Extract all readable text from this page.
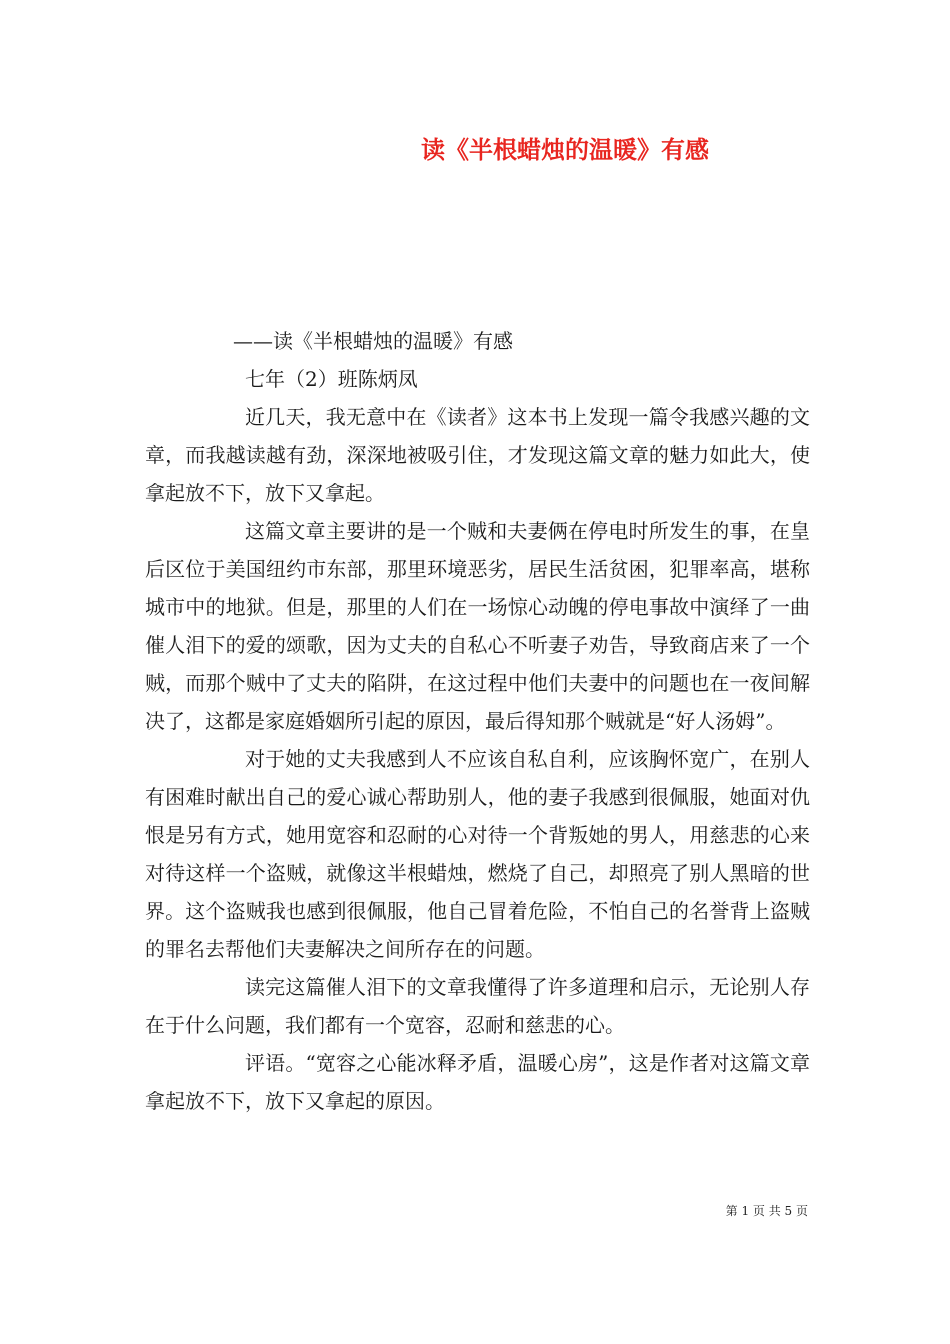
读《半根蜡烛的温暖》有感

——读《半根蜡烛的温暖》有感

七年（2）班陈炳凤

近几天，我无意中在《读者》这本书上发现一篇令我感兴趣的文章，而我越读越有劲，深深地被吸引住，才发现这篇文章的魅力如此大，使拿起放不下，放下又拿起。

这篇文章主要讲的是一个贼和夫妻俩在停电时所发生的事，在皇后区位于美国纽约市东部，那里环境恶劣，居民生活贫困，犯罪率高，堪称城市中的地狱。但是，那里的人们在一场惊心动魄的停电事故中演绎了一曲催人泪下的爱的颂歌，因为丈夫的自私心不听妻子劝告，导致商店来了一个贼，而那个贼中了丈夫的陷阱，在这过程中他们夫妻中的问题也在一夜间解决了，这都是家庭婚姻所引起的原因，最后得知那个贼就是“好人汤姆”。

对于她的丈夫我感到人不应该自私自利，应该胸怀宽广，在别人有困难时献出自己的爱心诚心帮助别人，他的妻子我感到很佩服，她面对仇恨是另有方式，她用宽容和忍耐的心对待一个背叛她的男人，用慈悲的心来对待这样一个盗贼，就像这半根蜡烛，燃烧了自己，却照亮了别人黑暗的世界。这个盗贼我也感到很佩服，他自己冒着危险，不怕自己的名誉背上盗贼的罪名去帮他们夫妻解决之间所存在的问题。

读完这篇催人泪下的文章我懂得了许多道理和启示，无论别人存在于什么问题，我们都有一个宽容，忍耐和慈悲的心。

评语。“宽容之心能冰释矛盾，温暖心房”，这是作者对这篇文章拿起放不下，放下又拿起的原因。

第 1 页 共 5 页
